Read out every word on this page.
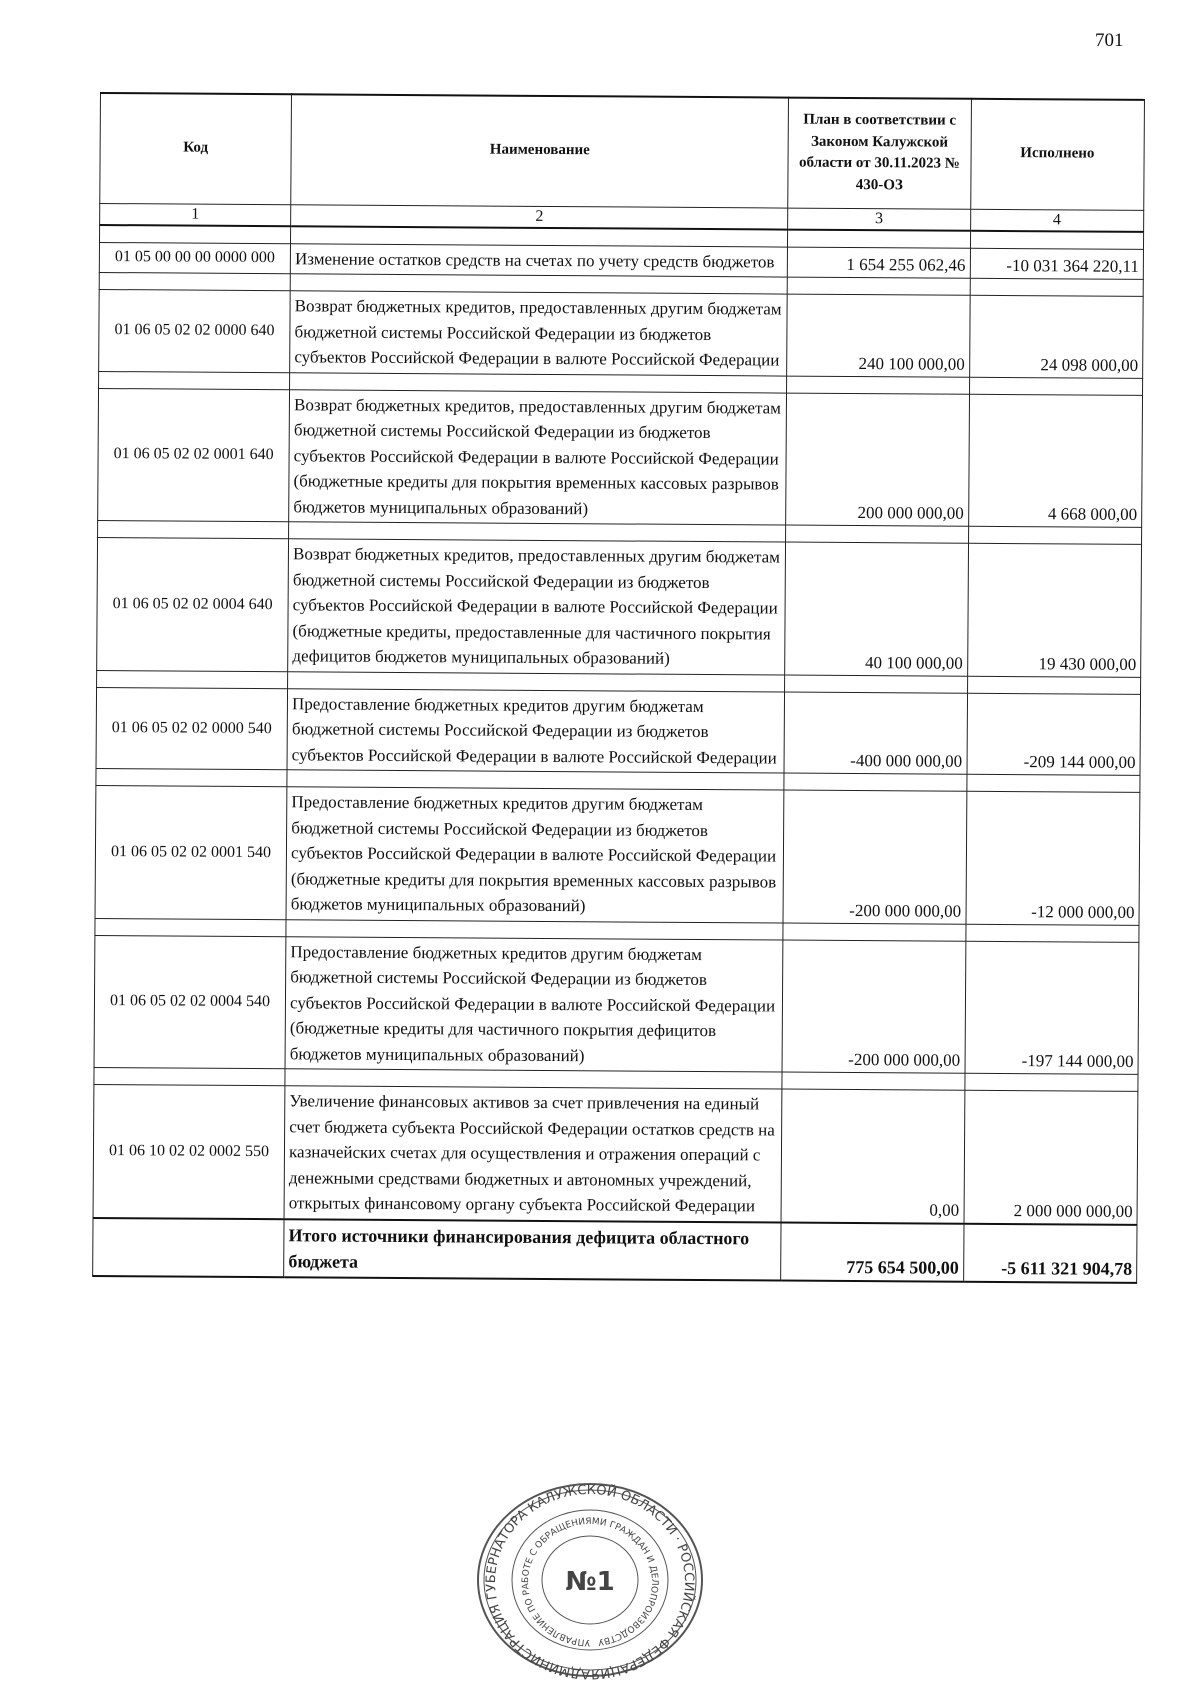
701
Код	Наименование	План в соответствии с Законом Калужской области от 30.11.2023 № 430-ОЗ	Исполнено
1	2	3	4

01 05 00 00 00 0000 000	Изменение остатков средств на счетах по учету средств бюджетов	1 654 255 062,46	-10 031 364 220,11

01 06 05 02 02 0000 640	Возврат бюджетных кредитов, предоставленных другим бюджетам бюджетной системы Российской Федерации из бюджетов субъектов Российской Федерации в валюте Российской Федерации	240 100 000,00	24 098 000,00

01 06 05 02 02 0001 640	Возврат бюджетных кредитов, предоставленных другим бюджетам бюджетной системы Российской Федерации из бюджетов субъектов Российской Федерации в валюте Российской Федерации (бюджетные кредиты для покрытия временных кассовых разрывов бюджетов муниципальных образований)	200 000 000,00	4 668 000,00

01 06 05 02 02 0004 640	Возврат бюджетных кредитов, предоставленных другим бюджетам бюджетной системы Российской Федерации из бюджетов субъектов Российской Федерации в валюте Российской Федерации (бюджетные кредиты, предоставленные для частичного покрытия дефицитов бюджетов муниципальных образований)	40 100 000,00	19 430 000,00

01 06 05 02 02 0000 540	Предоставление бюджетных кредитов другим бюджетам бюджетной системы Российской Федерации из бюджетов субъектов Российской Федерации в валюте Российской Федерации	-400 000 000,00	-209 144 000,00

01 06 05 02 02 0001 540	Предоставление бюджетных кредитов другим бюджетам бюджетной системы Российской Федерации из бюджетов субъектов Российской Федерации в валюте Российской Федерации (бюджетные кредиты для покрытия временных кассовых разрывов бюджетов муниципальных образований)	-200 000 000,00	-12 000 000,00

01 06 05 02 02 0004 540	Предоставление бюджетных кредитов другим бюджетам бюджетной системы Российской Федерации из бюджетов субъектов Российской Федерации в валюте Российской Федерации (бюджетные кредиты для частичного покрытия дефицитов бюджетов муниципальных образований)	-200 000 000,00	-197 144 000,00

01 06 10 02 02 0002 550	Увеличение финансовых активов за счет привлечения на единый счет бюджета субъекта Российской Федерации остатков средств на казначейских счетах для осуществления и отражения операций с денежными средствами бюджетных и автономных учреждений, открытых финансовому органу субъекта Российской Федерации	0,00	2 000 000 000,00
	Итого источники финансирования дефицита областного бюджета	775 654 500,00	-5 611 321 904,78
АДМИНИСТРАЦИЯ ГУБЕРНАТОРА КАЛУЖСКОЙ ОБЛАСТИ · РОССИЙСКАЯ ФЕДЕРАЦИЯ
УПРАВЛЕНИЕ ПО РАБОТЕ С ОБРАЩЕНИЯМИ ГРАЖДАН И ДЕЛОПРОИЗВОДСТВУ
№1
